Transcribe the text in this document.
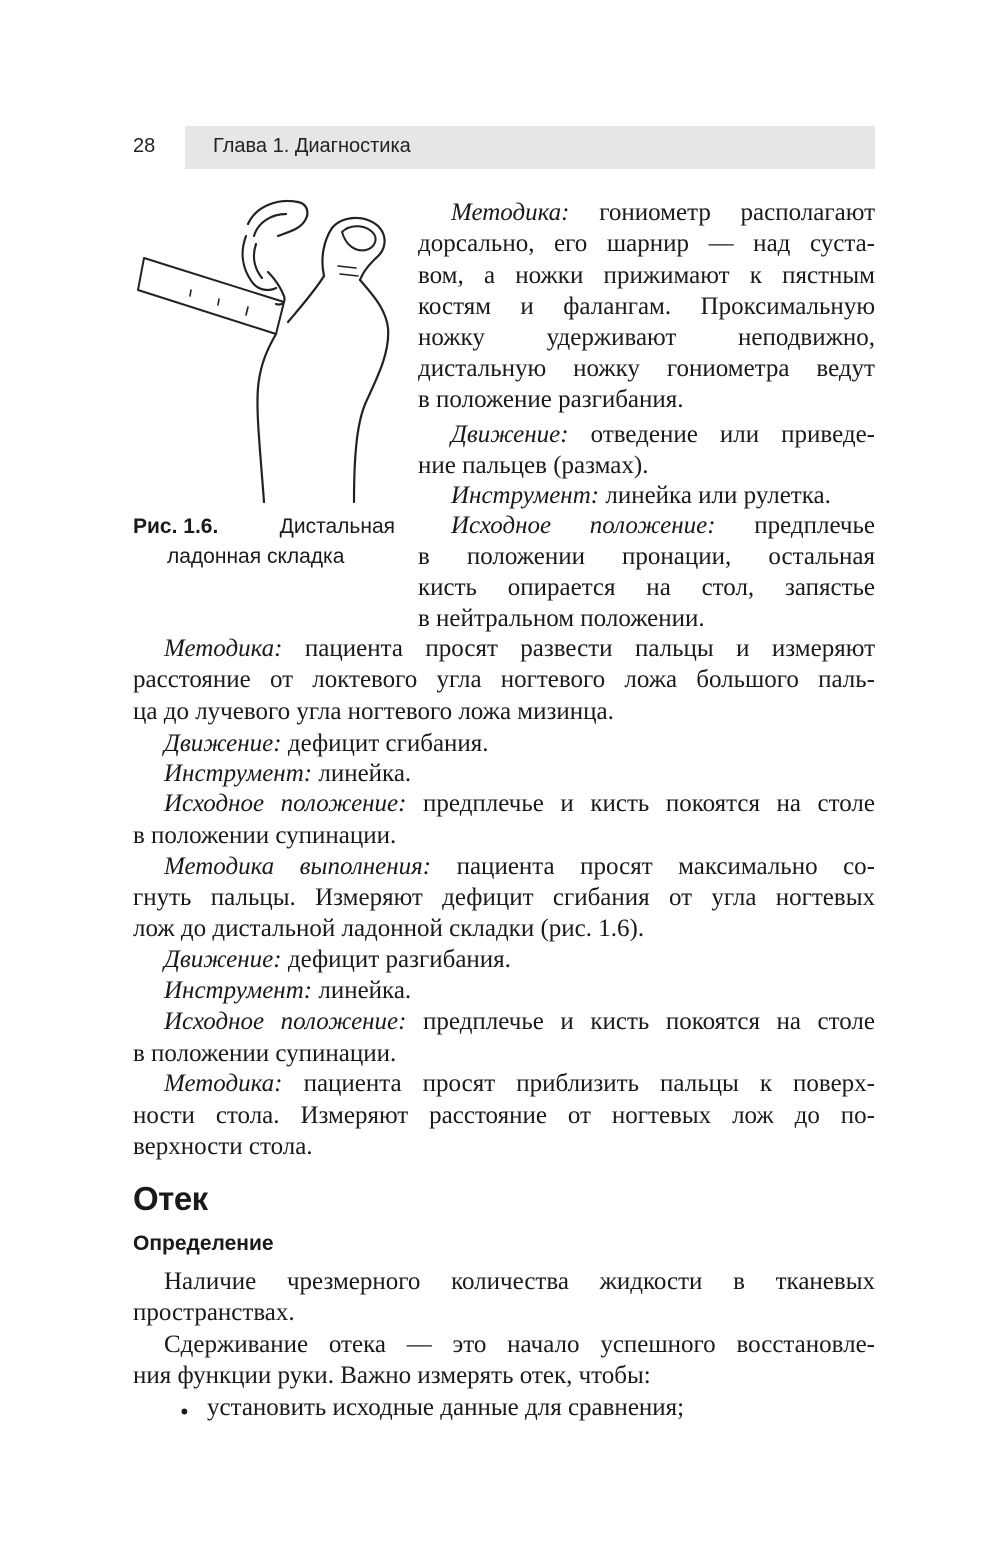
28	Глава 1. Диагностика
Рис. 1.6.	Дистальная
ладонная складка
Методика: гониометр располагают
дорсально, его шарнир — над суста-
вом, а ножки прижимают к пястным
костям и фалангам. Проксимальную
ножку удерживают неподвижно,
дистальную ножку гониометра ведут
в положение разгибания.
Движение: отведение или приведе-
ние пальцев (размах).
Инструмент: линейка или рулетка.
Исходное положение: предплечье
в положении пронации, остальная
кисть опирается на стол, запястье
в нейтральном положении.
Методика: пациента просят развести пальцы и измеряют
расстояние от локтевого угла ногтевого ложа большого паль-
ца до лучевого угла ногтевого ложа мизинца.
Движение: дефицит сгибания.
Инструмент: линейка.
Исходное положение: предплечье и кисть покоятся на столе
в положении супинации.
Методика выполнения: пациента просят максимально со-
гнуть пальцы. Измеряют дефицит сгибания от угла ногтевых
лож до дистальной ладонной складки (рис. 1.6).
Движение: дефицит разгибания.
Инструмент: линейка.
Исходное положение: предплечье и кисть покоятся на столе
в положении супинации.
Методика: пациента просят приблизить пальцы к поверх-
ности стола. Измеряют расстояние от ногтевых лож до по-
верхности стола.
Отек
Определение
Наличие чрезмерного количества жидкости в тканевых
пространствах.
Сдерживание отека — это начало успешного восстановле-
ния функции руки. Важно измерять отек, чтобы:
• установить исходные данные для сравнения;
